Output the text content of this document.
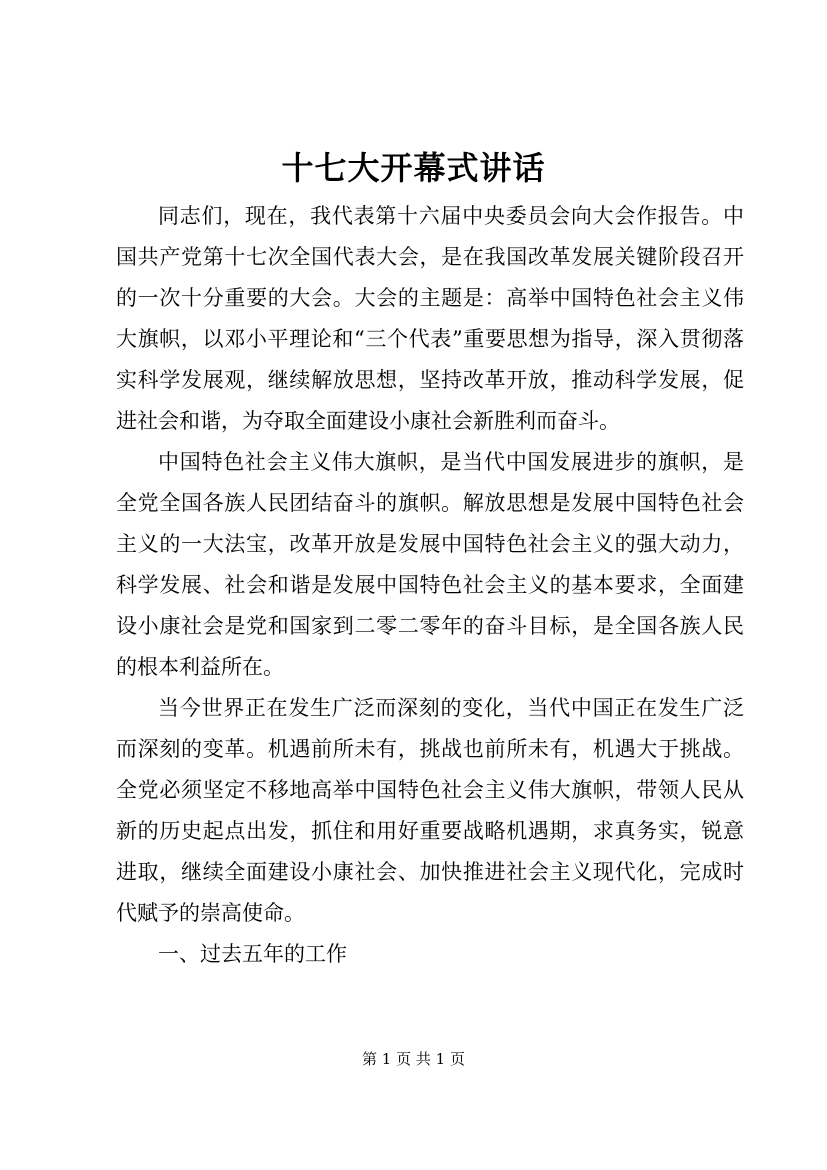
十七大开幕式讲话

同志们，现在，我代表第十六届中央委员会向大会作报告。中国共产党第十七次全国代表大会，是在我国改革发展关键阶段召开的一次十分重要的大会。大会的主题是：高举中国特色社会主义伟大旗帜，以邓小平理论和“三个代表”重要思想为指导，深入贯彻落实科学发展观，继续解放思想，坚持改革开放，推动科学发展，促进社会和谐，为夺取全面建设小康社会新胜利而奋斗。

中国特色社会主义伟大旗帜，是当代中国发展进步的旗帜，是全党全国各族人民团结奋斗的旗帜。解放思想是发展中国特色社会主义的一大法宝，改革开放是发展中国特色社会主义的强大动力，科学发展、社会和谐是发展中国特色社会主义的基本要求，全面建设小康社会是党和国家到二零二零年的奋斗目标，是全国各族人民的根本利益所在。

当今世界正在发生广泛而深刻的变化，当代中国正在发生广泛而深刻的变革。机遇前所未有，挑战也前所未有，机遇大于挑战。全党必须坚定不移地高举中国特色社会主义伟大旗帜，带领人民从新的历史起点出发，抓住和用好重要战略机遇期，求真务实，锐意进取，继续全面建设小康社会、加快推进社会主义现代化，完成时代赋予的崇高使命。

一、过去五年的工作

第 1 页 共 1 页
